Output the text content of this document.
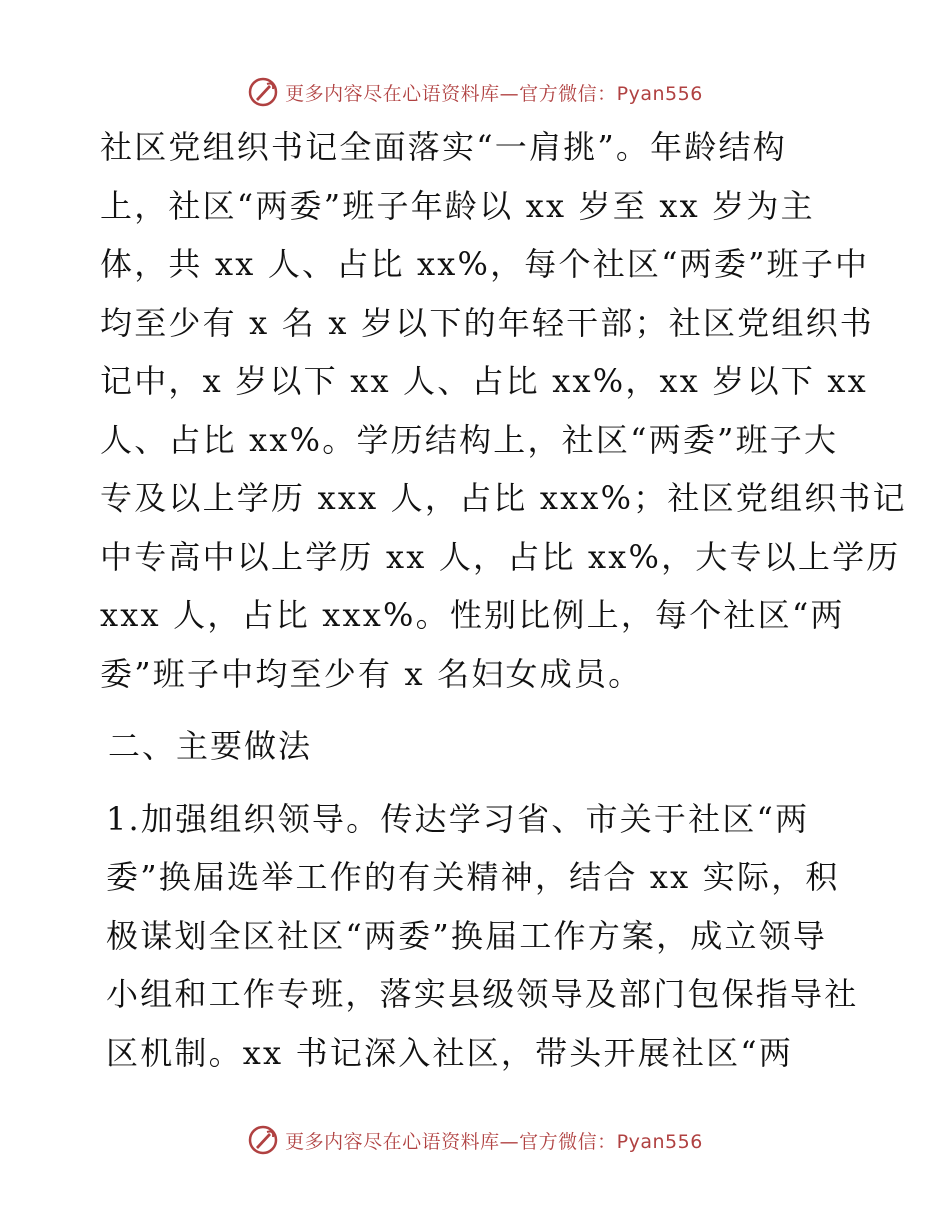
更多内容尽在心语资料库—官方微信：Pyan556
社区党组织书记全面落实“一肩挑”。年龄结构
上，社区“两委”班子年龄以 xx 岁至 xx 岁为主
体，共 xx 人、占比 xx%，每个社区“两委”班子中
均至少有 x 名 x 岁以下的年轻干部；社区党组织书
记中，x 岁以下 xx 人、占比 xx%，xx 岁以下 xx
人、占比 xx%。学历结构上，社区“两委”班子大
专及以上学历 xxx 人，占比 xxx%；社区党组织书记
中专高中以上学历 xx 人，占比 xx%，大专以上学历
xxx 人，占比 xxx%。性别比例上，每个社区“两
委”班子中均至少有 x 名妇女成员。
二、主要做法
1.加强组织领导。传达学习省、市关于社区“两
委”换届选举工作的有关精神，结合 xx 实际，积
极谋划全区社区“两委”换届工作方案，成立领导
小组和工作专班，落实县级领导及部门包保指导社
区机制。xx 书记深入社区，带头开展社区“两
更多内容尽在心语资料库—官方微信：Pyan556
